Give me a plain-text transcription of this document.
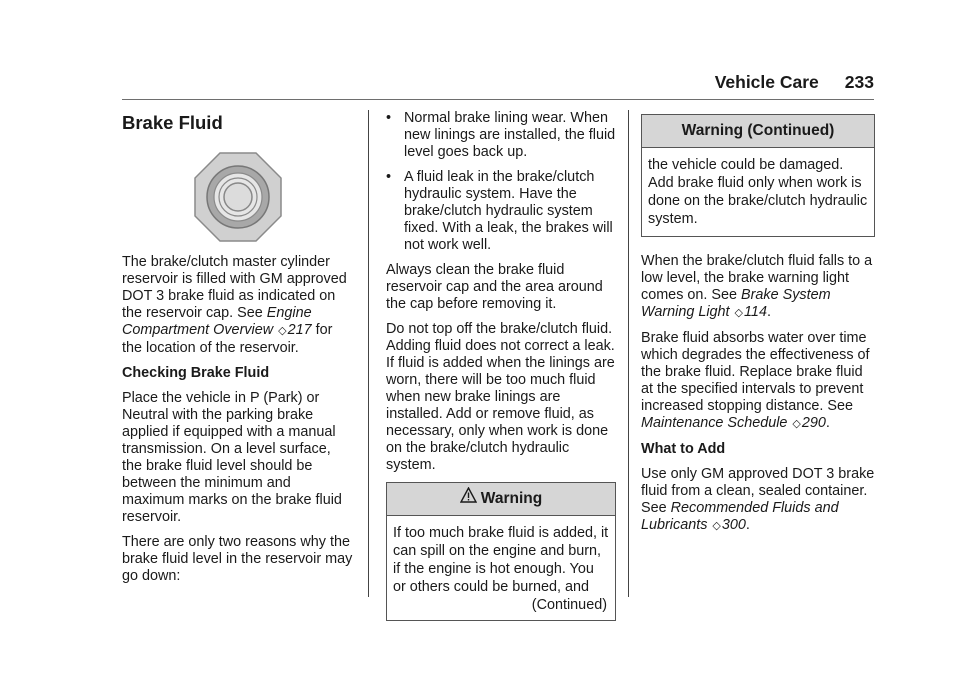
Vehicle Care 233

Brake Fluid

The brake/clutch master cylinder reservoir is filled with GM approved DOT 3 brake fluid as indicated on the reservoir cap. See Engine Compartment Overview ◇217 for the location of the reservoir.

Checking Brake Fluid

Place the vehicle in P (Park) or Neutral with the parking brake applied if equipped with a manual transmission. On a level surface, the brake fluid level should be between the minimum and maximum marks on the brake fluid reservoir.

There are only two reasons why the brake fluid level in the reservoir may go down:

• Normal brake lining wear. When new linings are installed, the fluid level goes back up.
• A fluid leak in the brake/clutch hydraulic system. Have the brake/clutch hydraulic system fixed. With a leak, the brakes will not work well.

Always clean the brake fluid reservoir cap and the area around the cap before removing it.

Do not top off the brake/clutch fluid. Adding fluid does not correct a leak. If fluid is added when the linings are worn, there will be too much fluid when new brake linings are installed. Add or remove fluid, as necessary, only when work is done on the brake/clutch hydraulic system.

Warning

If too much brake fluid is added, it can spill on the engine and burn, if the engine is hot enough. You or others could be burned, and

(Continued)

Warning (Continued)

the vehicle could be damaged.

Add brake fluid only when work is done on the brake/clutch hydraulic system.

When the brake/clutch fluid falls to a low level, the brake warning light comes on. See Brake System Warning Light ◇114.

Brake fluid absorbs water over time which degrades the effectiveness of the brake fluid. Replace brake fluid at the specified intervals to prevent increased stopping distance. See Maintenance Schedule ◇290.

What to Add

Use only GM approved DOT 3 brake fluid from a clean, sealed container. See Recommended Fluids and Lubricants ◇300.
